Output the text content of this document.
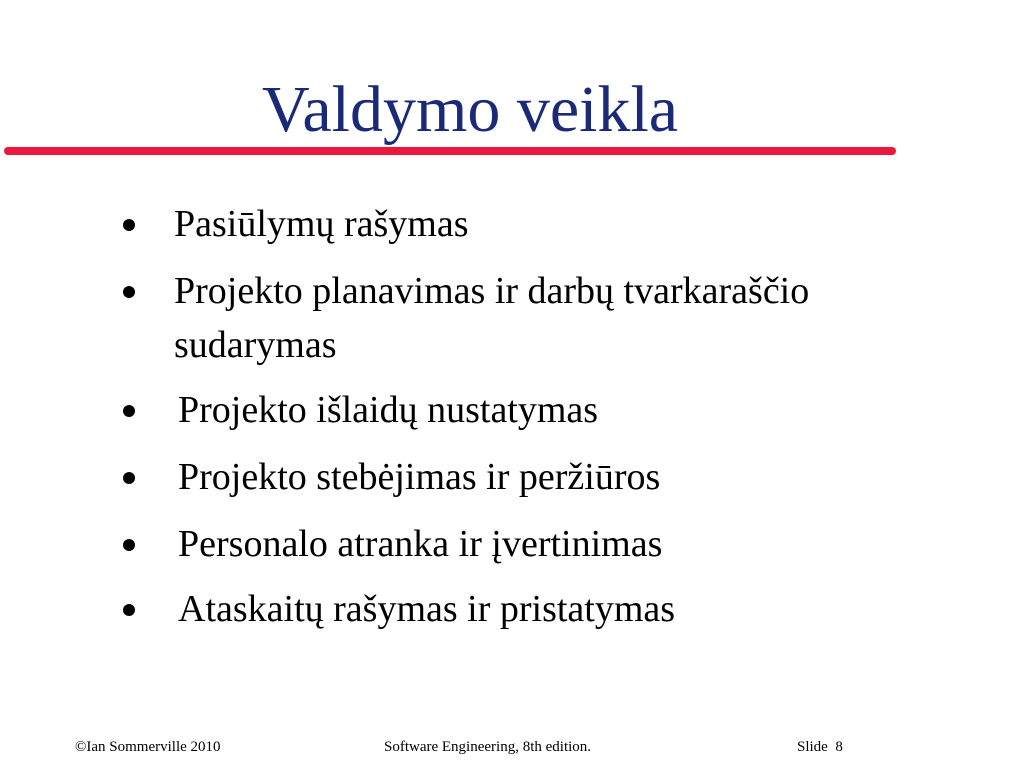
Valdymo veikla
Pasiūlymų rašymas
Projekto planavimas ir darbų tvarkaraščio
sudarymas
Projekto išlaidų nustatymas
Projekto stebėjimas ir peržiūros
Personalo atranka ir įvertinimas
Ataskaitų rašymas ir pristatymas
©Ian Sommerville 2010	Software Engineering, 8th edition.	Slide 8
